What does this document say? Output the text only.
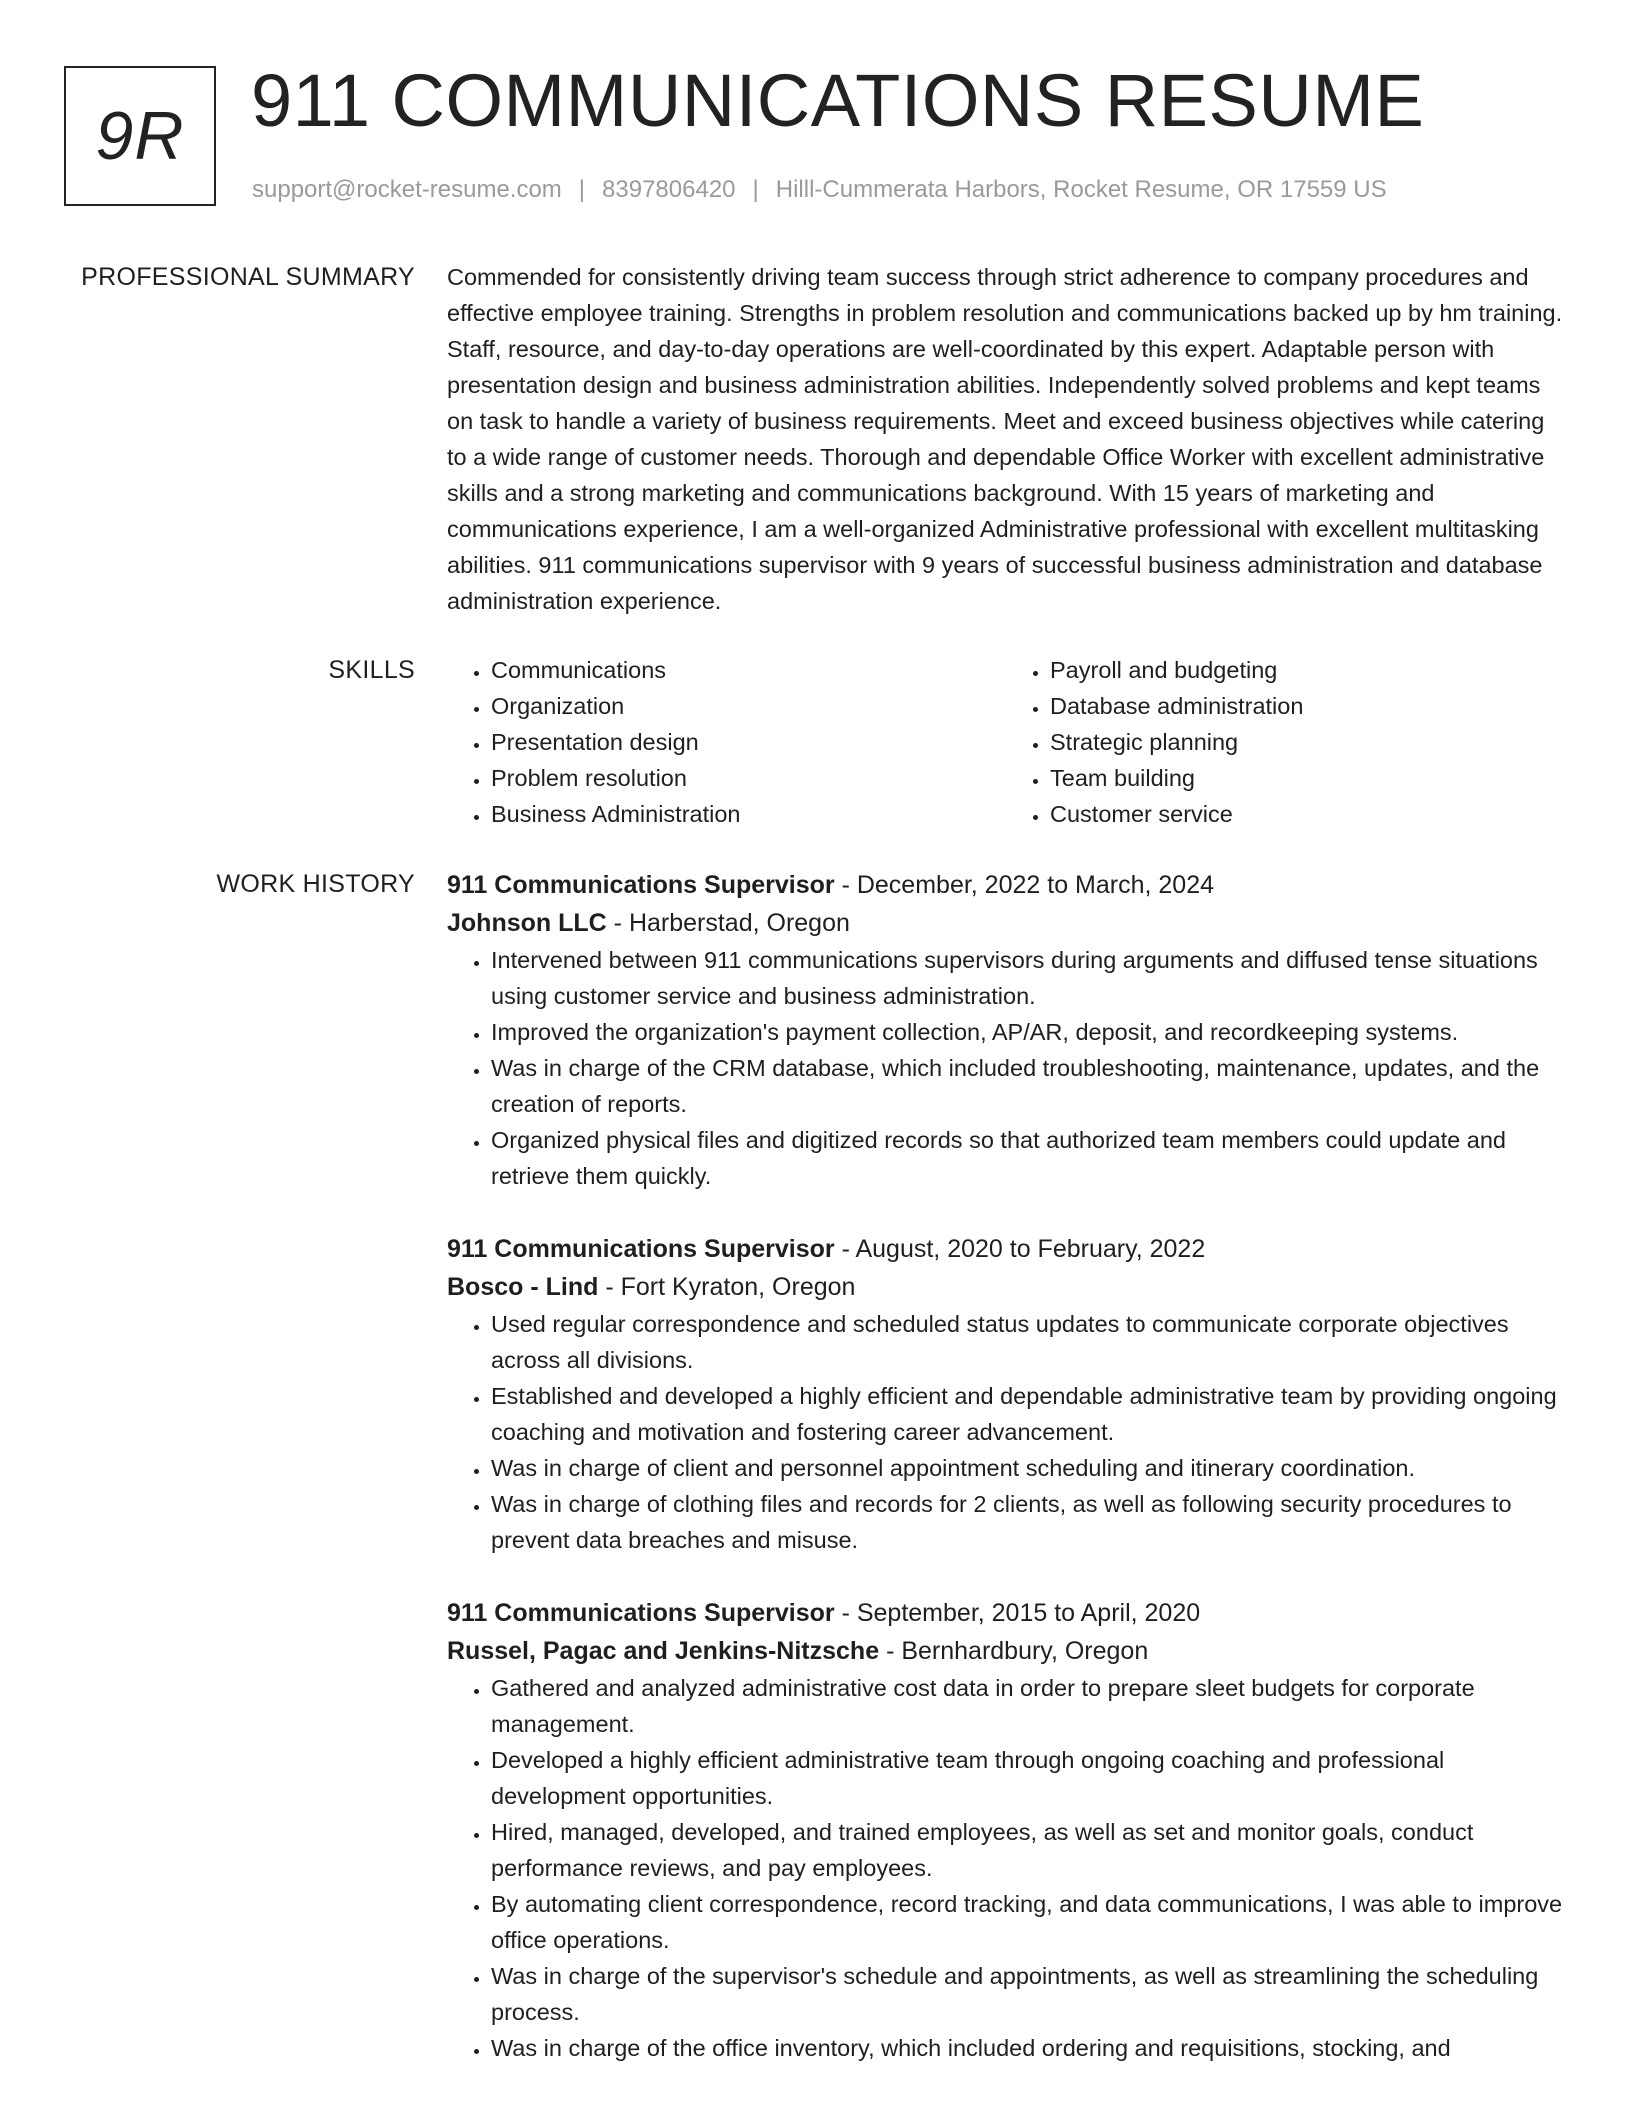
9R 911 COMMUNICATIONS RESUME
support@rocket-resume.com | 8397806420 | Hilll-Cummerata Harbors, Rocket Resume, OR 17559 US
PROFESSIONAL SUMMARY Commended for consistently driving team success through strict adherence to company procedures and effective employee training. Strengths in problem resolution and communications backed up by hm training. Staff, resource, and day-to-day operations are well-coordinated by this expert. Adaptable person with presentation design and business administration abilities. Independently solved problems and kept teams on task to handle a variety of business requirements. Meet and exceed business objectives while catering to a wide range of customer needs. Thorough and dependable Office Worker with excellent administrative skills and a strong marketing and communications background. With 15 years of marketing and communications experience, I am a well-organized Administrative professional with excellent multitasking abilities. 911 communications supervisor with 9 years of successful business administration and database administration experience.

SKILLS
•	Communications
• Organization
• Presentation design
• Problem resolution
• Business Administration
• Payroll and budgeting
• Database administration
• Strategic planning
• Team building
• Customer service
WORK HISTORY 911 Communications Supervisor - December, 2022 to March, 2024
Johnson LLC - Harberstad, Oregon
• Intervened between 911 communications supervisors during arguments and diffused tense situations using customer service and business administration.
• Improved the organization's payment collection, AP/AR, deposit, and recordkeeping systems.
• Was in charge of the CRM database, which included troubleshooting, maintenance, updates, and the creation of reports.
• Organized physical files and digitized records so that authorized team members could update and retrieve them quickly.
911 Communications Supervisor - August, 2020 to February, 2022
Bosco - Lind - Fort Kyraton, Oregon
• Used regular correspondence and scheduled status updates to communicate corporate objectives across all divisions.
• Established and developed a highly efficient and dependable administrative team by providing ongoing coaching and motivation and fostering career advancement.
• Was in charge of client and personnel appointment scheduling and itinerary coordination.
• Was in charge of clothing files and records for 2 clients, as well as following security procedures to prevent data breaches and misuse.
911 Communications Supervisor - September, 2015 to April, 2020
Russel, Pagac and Jenkins-Nitzsche - Bernhardbury, Oregon
• Gathered and analyzed administrative cost data in order to prepare sleet budgets for corporate management.
• Developed a highly efficient administrative team through ongoing coaching and professional development opportunities.
• Hired, managed, developed, and trained employees, as well as set and monitor goals, conduct performance reviews, and pay employees.
• By automating client correspondence, record tracking, and data communications, I was able to improve office operations.
• Was in charge of the supervisor's schedule and appointments, as well as streamlining the scheduling process.
• Was in charge of the office inventory, which included ordering and requisitions, stocking, and
